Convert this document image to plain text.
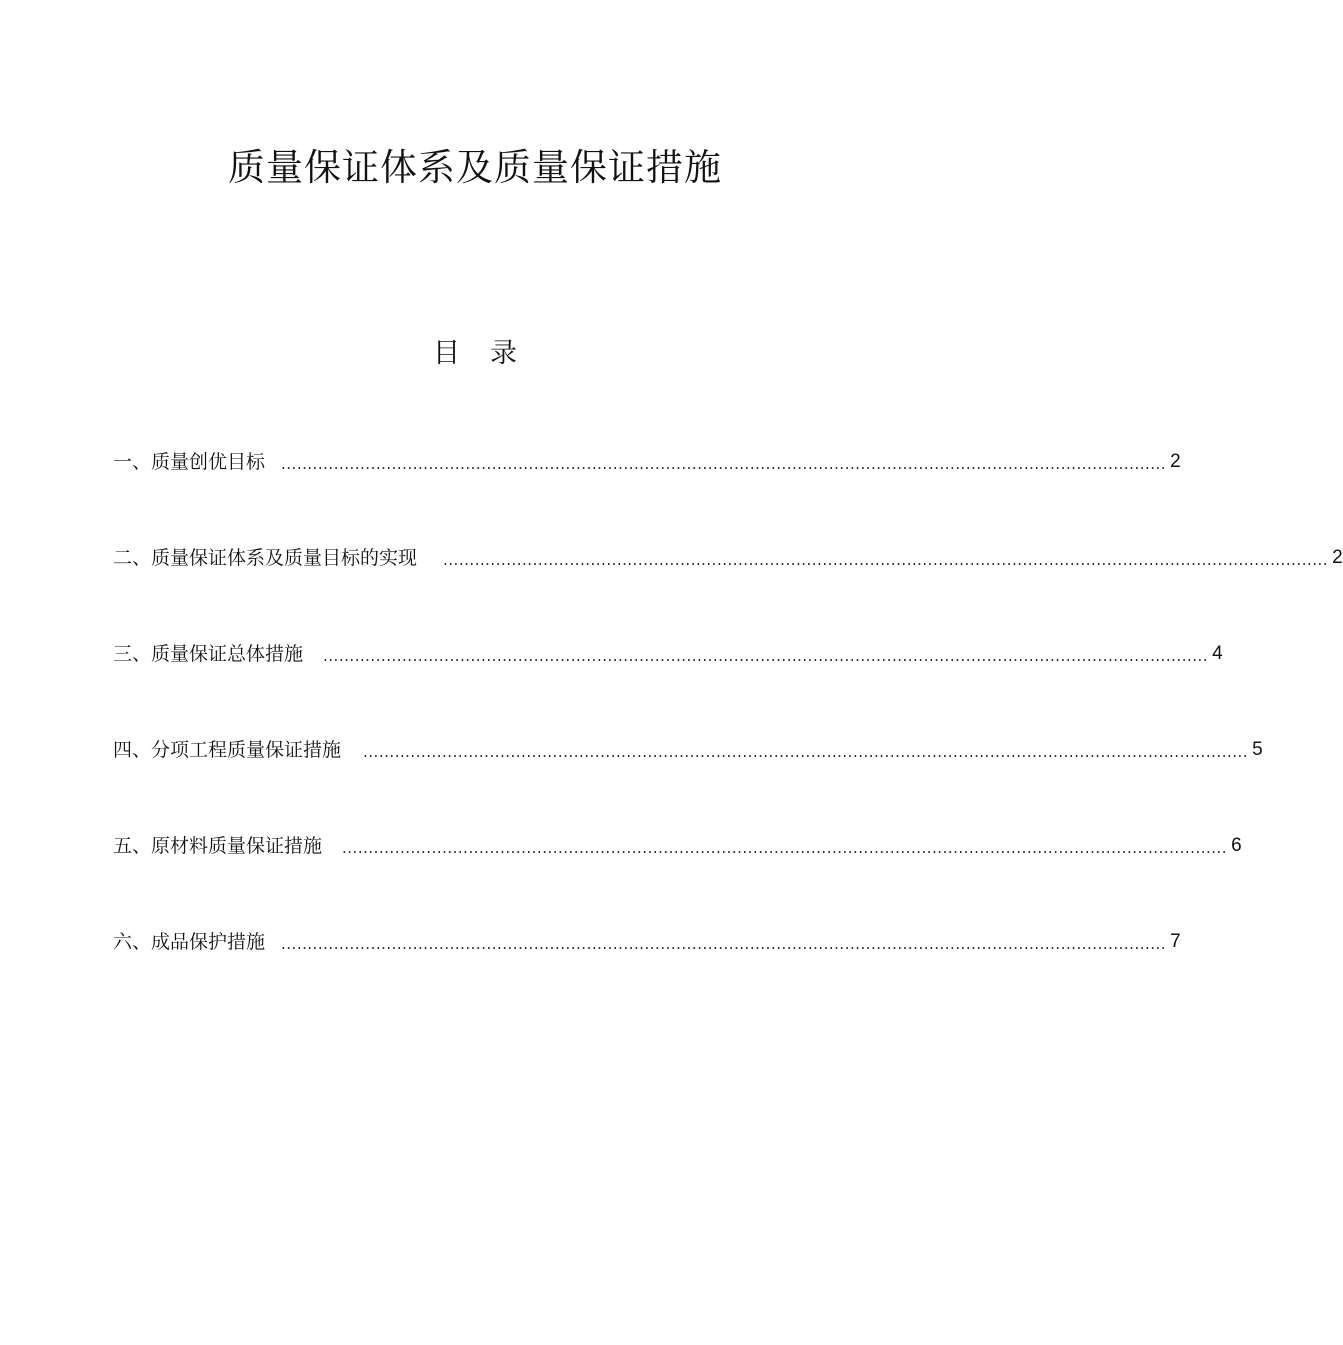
质量保证体系及质量保证措施
目 录
一、质量创优目标 ........................................................................................................................................................................ 2
二、质量保证体系及质量目标的实现 ........................................................................................................................................................................ 2
三、质量保证总体措施 ........................................................................................................................................................................ 4
四、分项工程质量保证措施 ........................................................................................................................................................................ 5
五、原材料质量保证措施 ........................................................................................................................................................................ 6
六、成品保护措施 ........................................................................................................................................................................ 7
